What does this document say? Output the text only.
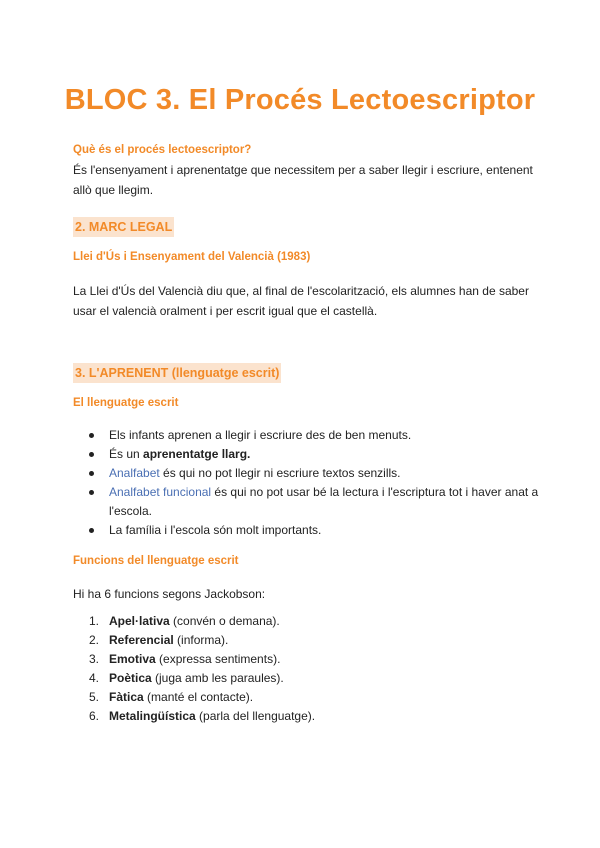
BLOC 3. El Procés Lectoescriptor
Què és el procés lectoescriptor?

És l'ensenyament i aprenentatge que necessitem per a saber llegir i escriure, entenent allò que llegim.

2. MARC LEGAL
Llei d'Ús i Ensenyament del Valencià (1983)

La Llei d'Ús del Valencià diu que, al final de l'escolarització, els alumnes han de saber usar el valencià oralment i per escrit igual que el castellà.

3. L'APRENENT (llenguatge escrit)
El llenguatge escrit
Els infants aprenen a llegir i escriure des de ben menuts.
És un aprenentatge llarg.
Analfabet és qui no pot llegir ni escriure textos senzills.
Analfabet funcional és qui no pot usar bé la lectura i l'escriptura tot i haver anat a l'escola.
La família i l'escola són molt importants.
Funcions del llenguatge escrit

Hi ha 6 funcions segons Jackobson:

1. Apel·lativa (convén o demana).
2. Referencial (informa).
3. Emotiva (expressa sentiments).
4. Poètica (juga amb les paraules).
5. Fàtica (manté el contacte).
6. Metalingüística (parla del llenguatge).
